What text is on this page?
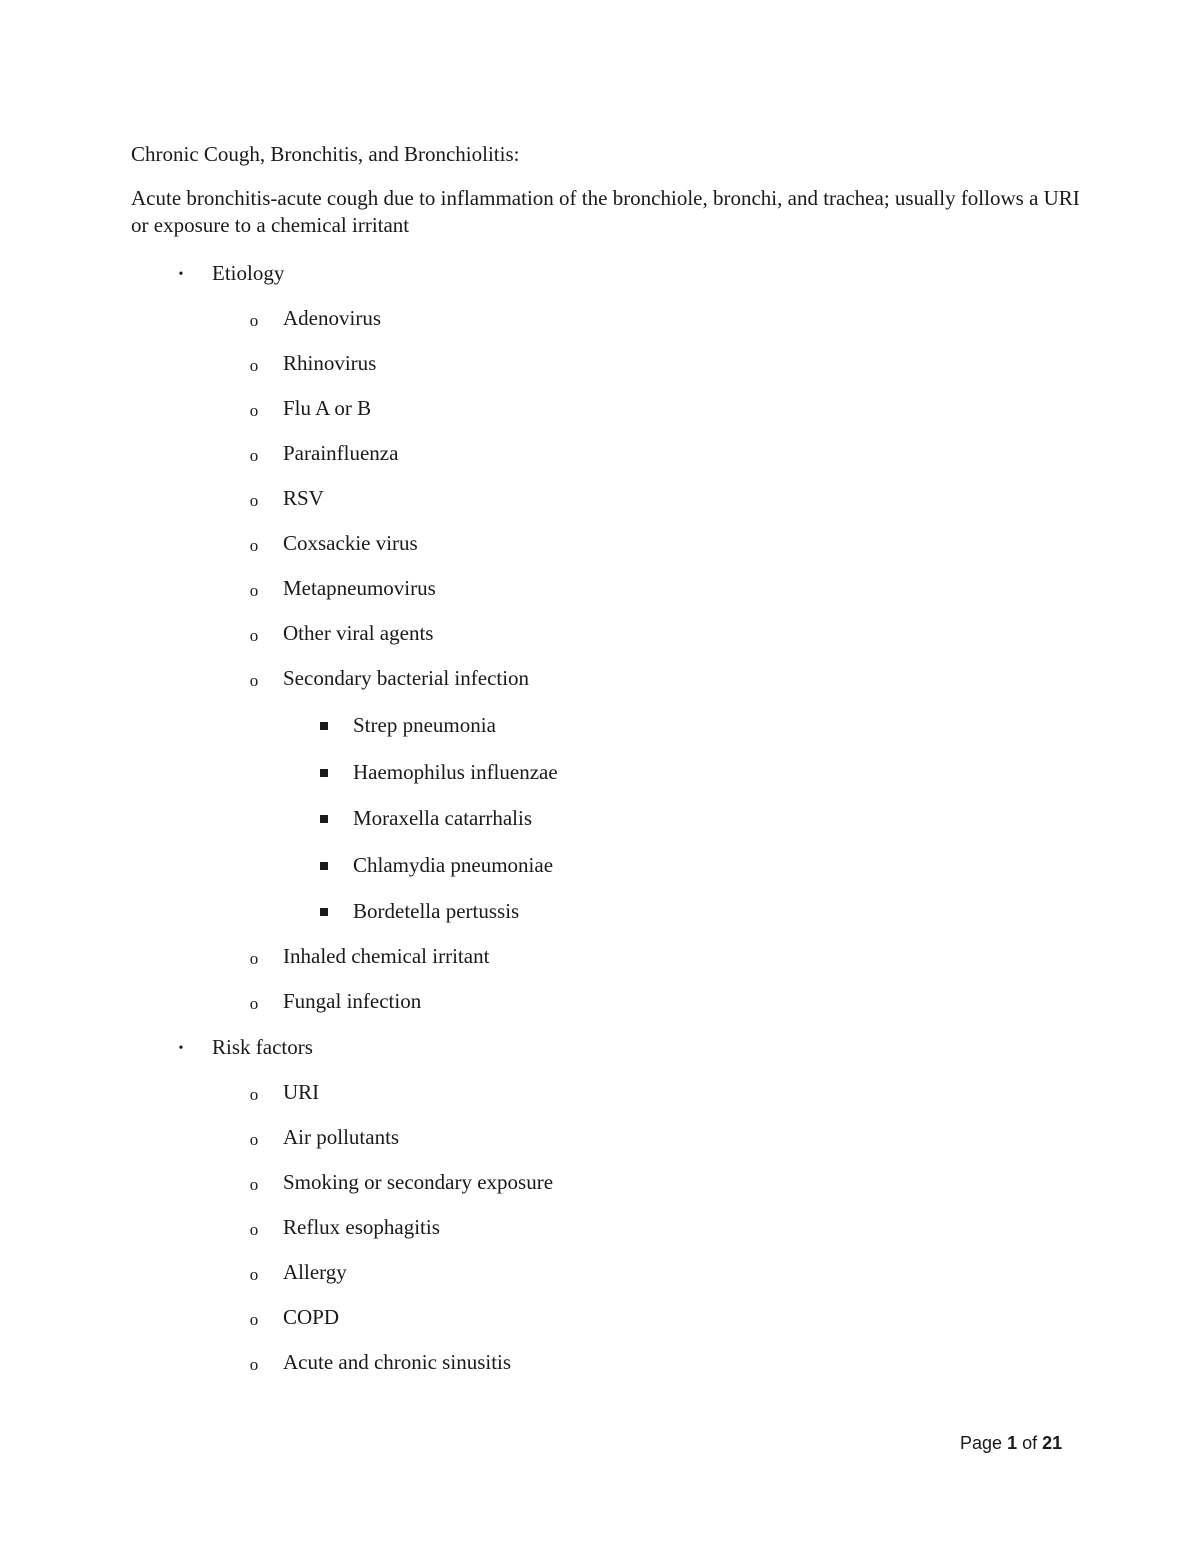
Chronic Cough, Bronchitis, and Bronchiolitis:
Acute bronchitis-acute cough due to inflammation of the bronchiole, bronchi, and trachea; usually follows a URI or exposure to a chemical irritant
• Etiology
o Adenovirus
o Rhinovirus
o Flu A or B
o Parainfluenza
o RSV
o Coxsackie virus
o Metapneumovirus
o Other viral agents
o Secondary bacterial infection
Strep pneumonia
Haemophilus influenzae
Moraxella catarrhalis
Chlamydia pneumoniae
Bordetella pertussis
o Inhaled chemical irritant
o Fungal infection
• Risk factors
o URI
o Air pollutants
o Smoking or secondary exposure
o Reflux esophagitis
o Allergy
o COPD
o Acute and chronic sinusitis
Page 1 of 21
